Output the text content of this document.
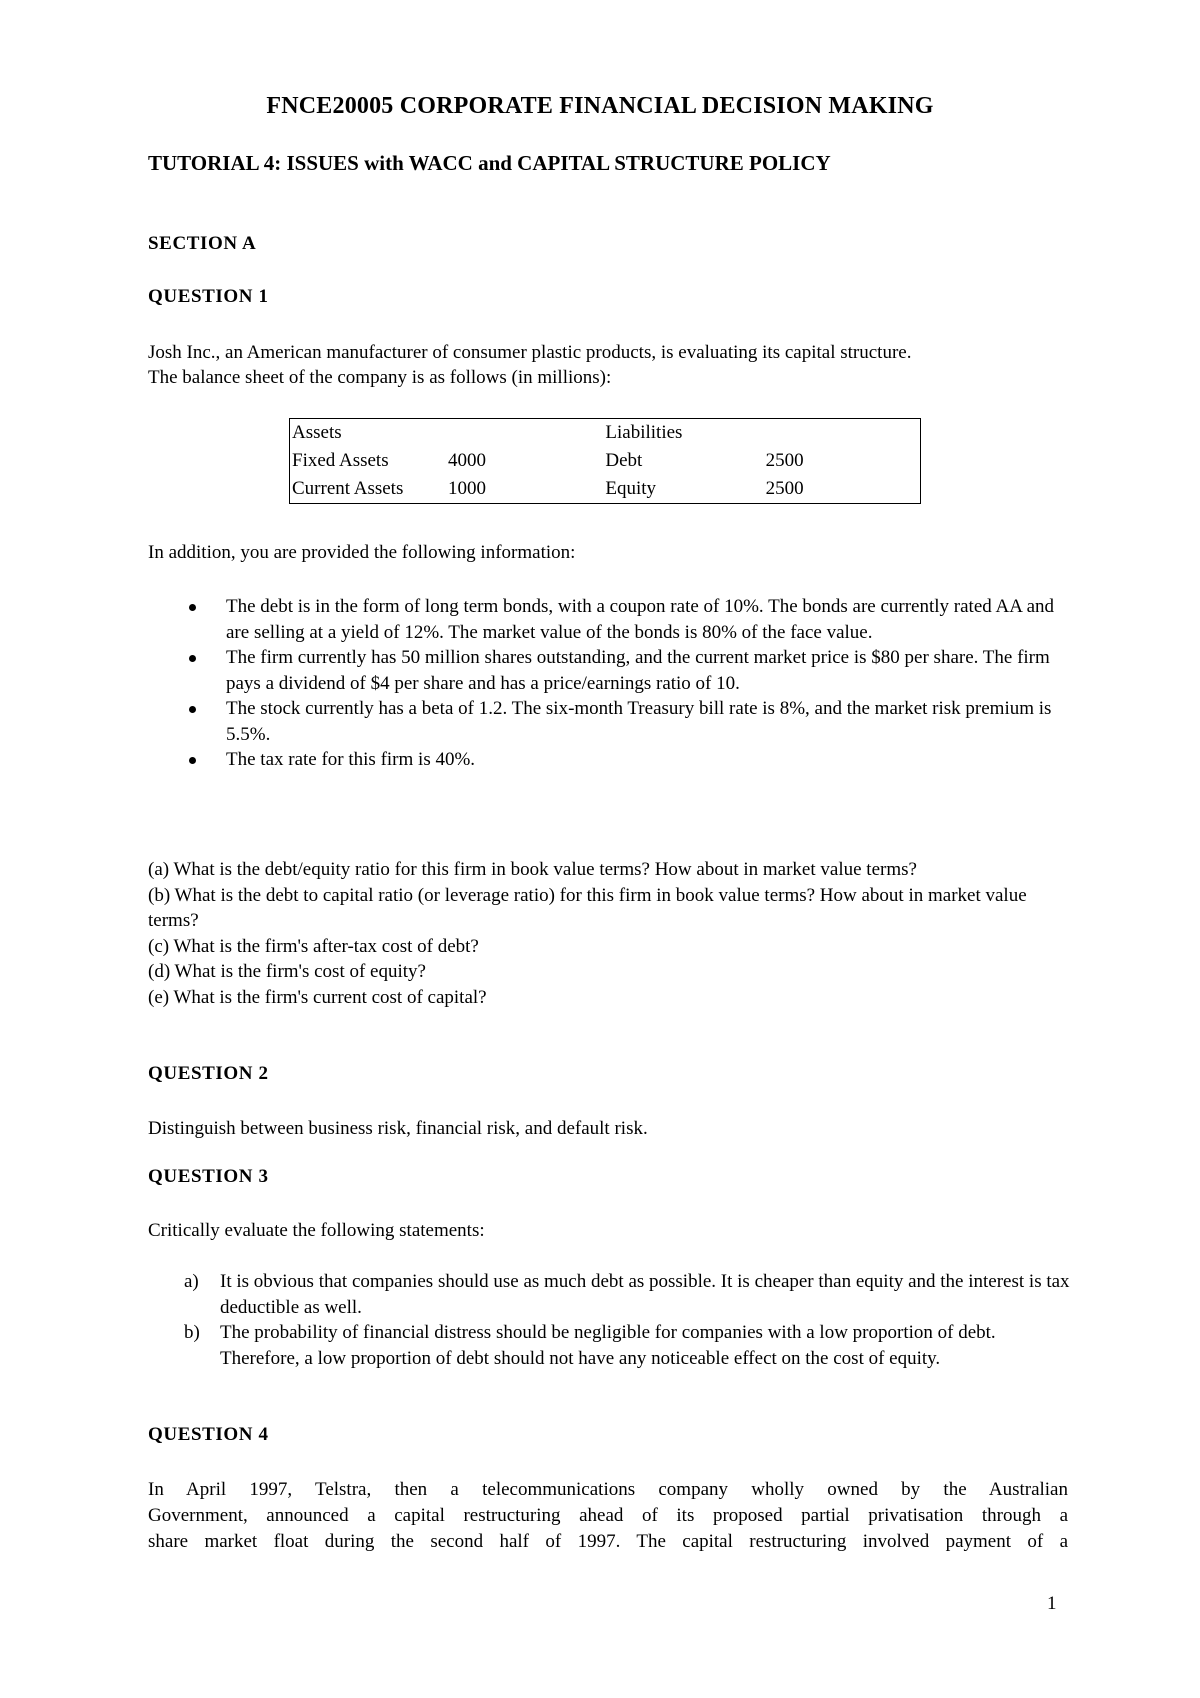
FNCE20005 CORPORATE FINANCIAL DECISION MAKING
TUTORIAL 4: ISSUES with WACC and CAPITAL STRUCTURE POLICY
SECTION A
QUESTION 1
Josh Inc., an American manufacturer of consumer plastic products, is evaluating its capital structure.
The balance sheet of the company is as follows (in millions):
Assets		Liabilities	
Fixed Assets	4000	Debt	2500
Current Assets	1000	Equity	2500
In addition, you are provided the following information:
The debt is in the form of long term bonds, with a coupon rate of 10%. The bonds are currently rated AA and are selling at a yield of 12%. The market value of the bonds is 80% of the face value.
The firm currently has 50 million shares outstanding, and the current market price is $80 per share. The firm pays a dividend of $4 per share and has a price/earnings ratio of 10.
The stock currently has a beta of 1.2. The six-month Treasury bill rate is 8%, and the market risk premium is 5.5%.
The tax rate for this firm is 40%.
(a) What is the debt/equity ratio for this firm in book value terms? How about in market value terms?
(b) What is the debt to capital ratio (or leverage ratio) for this firm in book value terms? How about in market value terms?
(c) What is the firm's after-tax cost of debt?
(d) What is the firm's cost of equity?
(e) What is the firm's current cost of capital?
QUESTION 2
Distinguish between business risk, financial risk, and default risk.
QUESTION 3
Critically evaluate the following statements:
a) It is obvious that companies should use as much debt as possible. It is cheaper than equity and the interest is tax deductible as well.
b) The probability of financial distress should be negligible for companies with a low proportion of debt. Therefore, a low proportion of debt should not have any noticeable effect on the cost of equity.
QUESTION 4
In April 1997, Telstra, then a telecommunications company wholly owned by the Australian
Government, announced a capital restructuring ahead of its proposed partial privatisation through a
share market float during the second half of 1997. The capital restructuring involved payment of a
1
